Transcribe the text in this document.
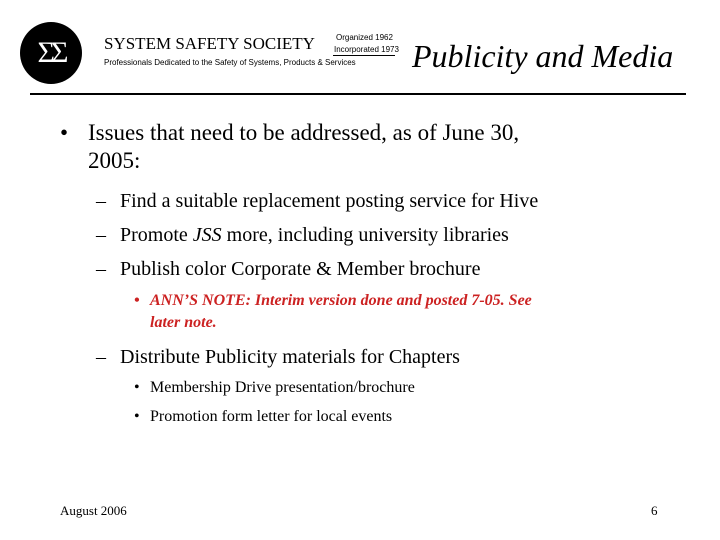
ΣΣ	SYSTEM SAFETY SOCIETY	Organized 1962
Incorporated 1973
Professionals Dedicated to the Safety of Systems, Products & Services Publicity and Media
• Issues that need to be addressed, as of June 30,
2005:
– Find a suitable replacement posting service for Hive
– Promote JSS more, including university libraries
– Publish color Corporate & Member brochure
• ANN’S NOTE: Interim version done and posted 7-05. See
later note.
– Distribute Publicity materials for Chapters
• Membership Drive presentation/brochure
• Promotion form letter for local events
August 2006	6
